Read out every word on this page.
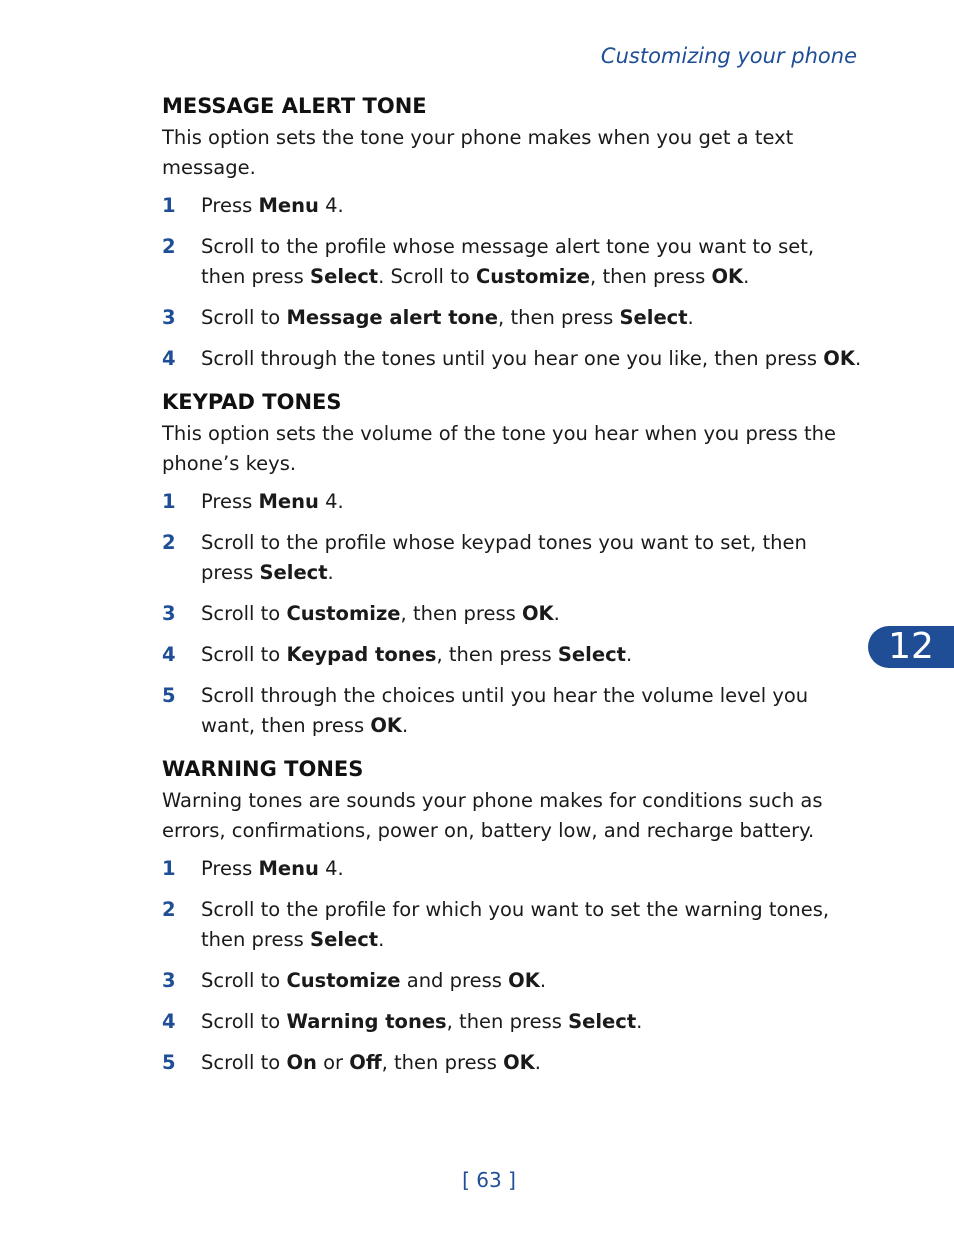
Customizing your phone
MESSAGE ALERT TONE
This option sets the tone your phone makes when you get a text message.
1 Press Menu 4.
2 Scroll to the profile whose message alert tone you want to set, then press Select. Scroll to Customize, then press OK.
3 Scroll to Message alert tone, then press Select.
4 Scroll through the tones until you hear one you like, then press OK.
KEYPAD TONES
This option sets the volume of the tone you hear when you press the phone’s keys.
1 Press Menu 4.
2 Scroll to the profile whose keypad tones you want to set, then press Select.
3 Scroll to Customize, then press OK.
4 Scroll to Keypad tones, then press Select.
5 Scroll through the choices until you hear the volume level you want, then press OK.
WARNING TONES
Warning tones are sounds your phone makes for conditions such as errors, confirmations, power on, battery low, and recharge battery.
1 Press Menu 4.
2 Scroll to the profile for which you want to set the warning tones, then press Select.
3 Scroll to Customize and press OK.
4 Scroll to Warning tones, then press Select.
5 Scroll to On or Off, then press OK.
12
[ 63 ]
